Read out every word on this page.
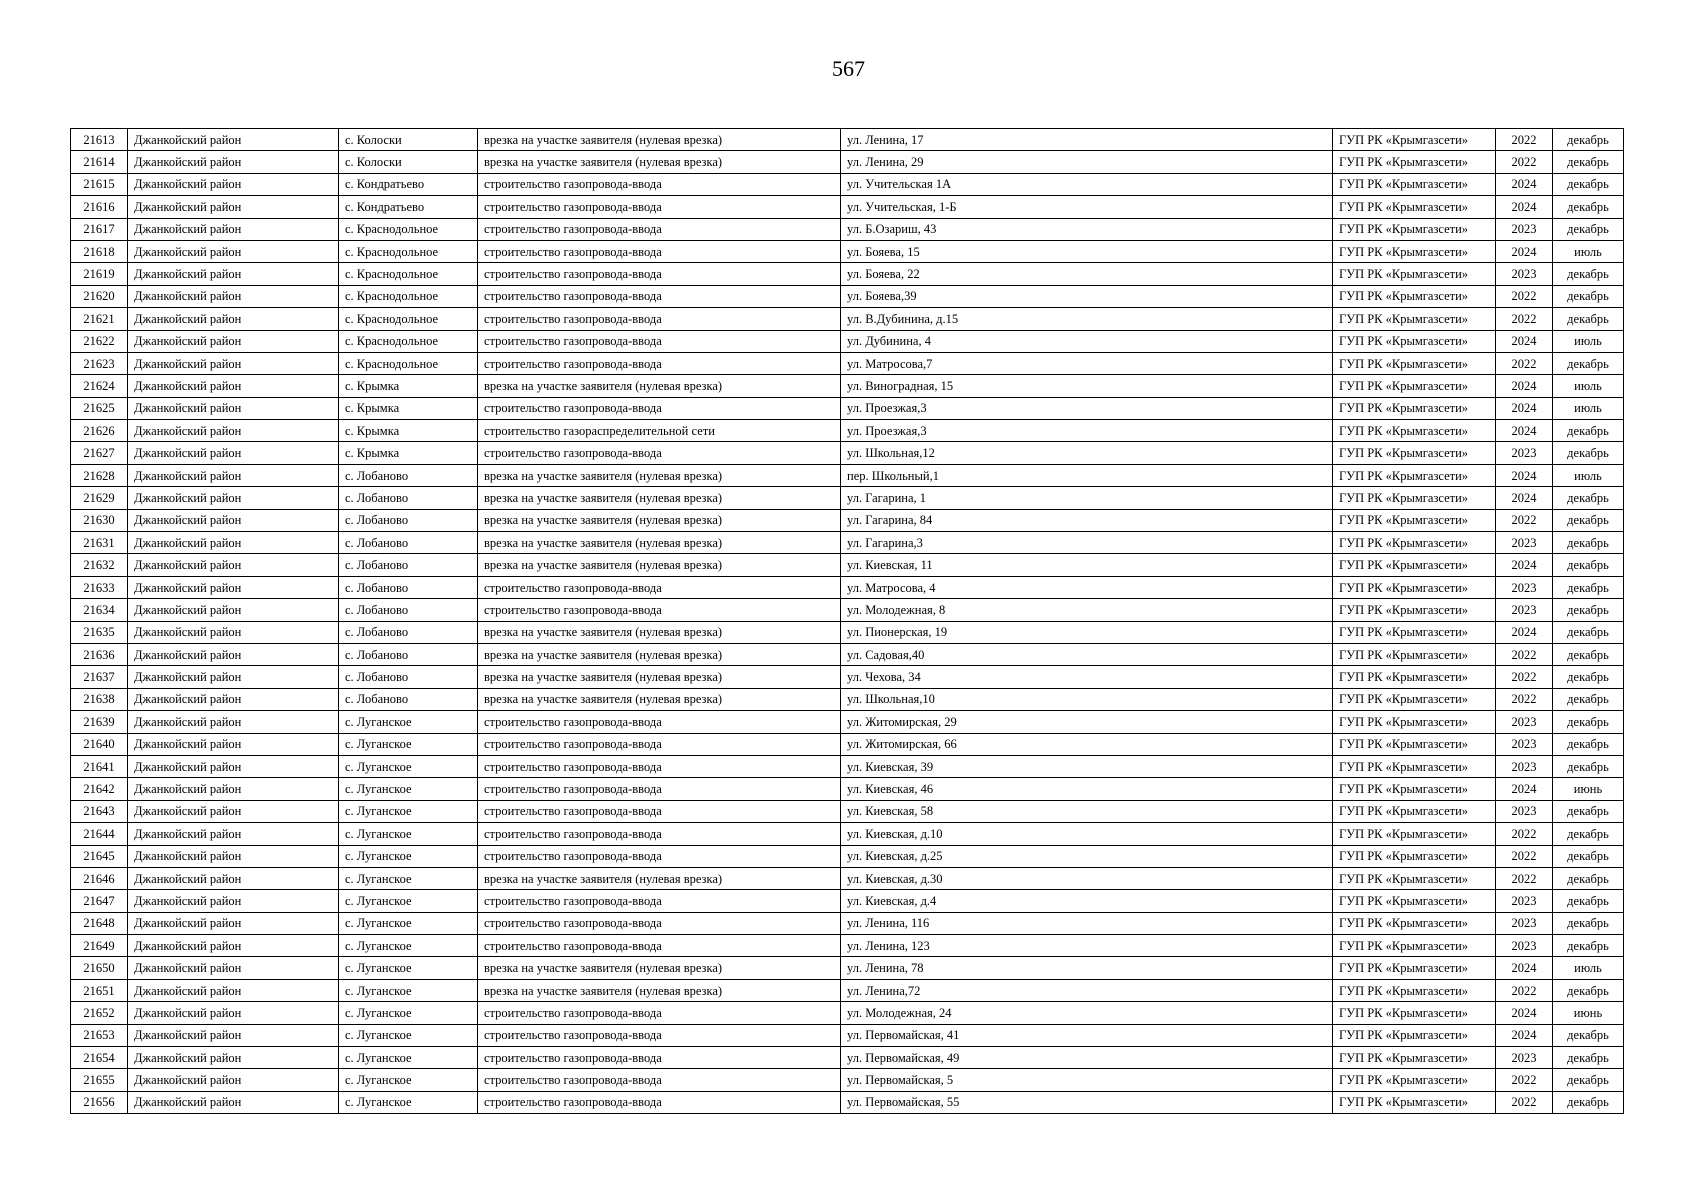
567
21613	Джанкойский район	с. Колоски	врезка на участке заявителя (нулевая врезка)	ул. Ленина, 17	ГУП РК «Крымгазсети»	2022	декабрь
21614	Джанкойский район	с. Колоски	врезка на участке заявителя (нулевая врезка)	ул. Ленина, 29	ГУП РК «Крымгазсети»	2022	декабрь
21615	Джанкойский район	с. Кондратьево	строительство газопровода-ввода	ул. Учительская 1А	ГУП РК «Крымгазсети»	2024	декабрь
21616	Джанкойский район	с. Кондратьево	строительство газопровода-ввода	ул. Учительская, 1-Б	ГУП РК «Крымгазсети»	2024	декабрь
21617	Джанкойский район	с. Краснодольное	строительство газопровода-ввода	ул. Б.Озариш, 43	ГУП РК «Крымгазсети»	2023	декабрь
21618	Джанкойский район	с. Краснодольное	строительство газопровода-ввода	ул. Бояева, 15	ГУП РК «Крымгазсети»	2024	июль
21619	Джанкойский район	с. Краснодольное	строительство газопровода-ввода	ул. Бояева, 22	ГУП РК «Крымгазсети»	2023	декабрь
21620	Джанкойский район	с. Краснодольное	строительство газопровода-ввода	ул. Бояева,39	ГУП РК «Крымгазсети»	2022	декабрь
21621	Джанкойский район	с. Краснодольное	строительство газопровода-ввода	ул. В.Дубинина, д.15	ГУП РК «Крымгазсети»	2022	декабрь
21622	Джанкойский район	с. Краснодольное	строительство газопровода-ввода	ул. Дубинина, 4	ГУП РК «Крымгазсети»	2024	июль
21623	Джанкойский район	с. Краснодольное	строительство газопровода-ввода	ул. Матросова,7	ГУП РК «Крымгазсети»	2022	декабрь
21624	Джанкойский район	с. Крымка	врезка на участке заявителя (нулевая врезка)	ул. Виноградная, 15	ГУП РК «Крымгазсети»	2024	июль
21625	Джанкойский район	с. Крымка	строительство газопровода-ввода	ул. Проезжая,3	ГУП РК «Крымгазсети»	2024	июль
21626	Джанкойский район	с. Крымка	строительство газораспределительной сети	ул. Проезжая,3	ГУП РК «Крымгазсети»	2024	декабрь
21627	Джанкойский район	с. Крымка	строительство газопровода-ввода	ул. Школьная,12	ГУП РК «Крымгазсети»	2023	декабрь
21628	Джанкойский район	с. Лобаново	врезка на участке заявителя (нулевая врезка)	пер. Школьный,1	ГУП РК «Крымгазсети»	2024	июль
21629	Джанкойский район	с. Лобаново	врезка на участке заявителя (нулевая врезка)	ул. Гагарина, 1	ГУП РК «Крымгазсети»	2024	декабрь
21630	Джанкойский район	с. Лобаново	врезка на участке заявителя (нулевая врезка)	ул. Гагарина, 84	ГУП РК «Крымгазсети»	2022	декабрь
21631	Джанкойский район	с. Лобаново	врезка на участке заявителя (нулевая врезка)	ул. Гагарина,3	ГУП РК «Крымгазсети»	2023	декабрь
21632	Джанкойский район	с. Лобаново	врезка на участке заявителя (нулевая врезка)	ул. Киевская, 11	ГУП РК «Крымгазсети»	2024	декабрь
21633	Джанкойский район	с. Лобаново	строительство газопровода-ввода	ул. Матросова, 4	ГУП РК «Крымгазсети»	2023	декабрь
21634	Джанкойский район	с. Лобаново	строительство газопровода-ввода	ул. Молодежная, 8	ГУП РК «Крымгазсети»	2023	декабрь
21635	Джанкойский район	с. Лобаново	врезка на участке заявителя (нулевая врезка)	ул. Пионерская, 19	ГУП РК «Крымгазсети»	2024	декабрь
21636	Джанкойский район	с. Лобаново	врезка на участке заявителя (нулевая врезка)	ул. Садовая,40	ГУП РК «Крымгазсети»	2022	декабрь
21637	Джанкойский район	с. Лобаново	врезка на участке заявителя (нулевая врезка)	ул. Чехова, 34	ГУП РК «Крымгазсети»	2022	декабрь
21638	Джанкойский район	с. Лобаново	врезка на участке заявителя (нулевая врезка)	ул. Школьная,10	ГУП РК «Крымгазсети»	2022	декабрь
21639	Джанкойский район	с. Луганское	строительство газопровода-ввода	ул. Житомирская, 29	ГУП РК «Крымгазсети»	2023	декабрь
21640	Джанкойский район	с. Луганское	строительство газопровода-ввода	ул. Житомирская, 66	ГУП РК «Крымгазсети»	2023	декабрь
21641	Джанкойский район	с. Луганское	строительство газопровода-ввода	ул. Киевская, 39	ГУП РК «Крымгазсети»	2023	декабрь
21642	Джанкойский район	с. Луганское	строительство газопровода-ввода	ул. Киевская, 46	ГУП РК «Крымгазсети»	2024	июнь
21643	Джанкойский район	с. Луганское	строительство газопровода-ввода	ул. Киевская, 58	ГУП РК «Крымгазсети»	2023	декабрь
21644	Джанкойский район	с. Луганское	строительство газопровода-ввода	ул. Киевская, д.10	ГУП РК «Крымгазсети»	2022	декабрь
21645	Джанкойский район	с. Луганское	строительство газопровода-ввода	ул. Киевская, д.25	ГУП РК «Крымгазсети»	2022	декабрь
21646	Джанкойский район	с. Луганское	врезка на участке заявителя (нулевая врезка)	ул. Киевская, д.30	ГУП РК «Крымгазсети»	2022	декабрь
21647	Джанкойский район	с. Луганское	строительство газопровода-ввода	ул. Киевская, д.4	ГУП РК «Крымгазсети»	2023	декабрь
21648	Джанкойский район	с. Луганское	строительство газопровода-ввода	ул. Ленина, 116	ГУП РК «Крымгазсети»	2023	декабрь
21649	Джанкойский район	с. Луганское	строительство газопровода-ввода	ул. Ленина, 123	ГУП РК «Крымгазсети»	2023	декабрь
21650	Джанкойский район	с. Луганское	врезка на участке заявителя (нулевая врезка)	ул. Ленина, 78	ГУП РК «Крымгазсети»	2024	июль
21651	Джанкойский район	с. Луганское	врезка на участке заявителя (нулевая врезка)	ул. Ленина,72	ГУП РК «Крымгазсети»	2022	декабрь
21652	Джанкойский район	с. Луганское	строительство газопровода-ввода	ул. Молодежная, 24	ГУП РК «Крымгазсети»	2024	июнь
21653	Джанкойский район	с. Луганское	строительство газопровода-ввода	ул. Первомайская, 41	ГУП РК «Крымгазсети»	2024	декабрь
21654	Джанкойский район	с. Луганское	строительство газопровода-ввода	ул. Первомайская, 49	ГУП РК «Крымгазсети»	2023	декабрь
21655	Джанкойский район	с. Луганское	строительство газопровода-ввода	ул. Первомайская, 5	ГУП РК «Крымгазсети»	2022	декабрь
21656	Джанкойский район	с. Луганское	строительство газопровода-ввода	ул. Первомайская, 55	ГУП РК «Крымгазсети»	2022	декабрь
